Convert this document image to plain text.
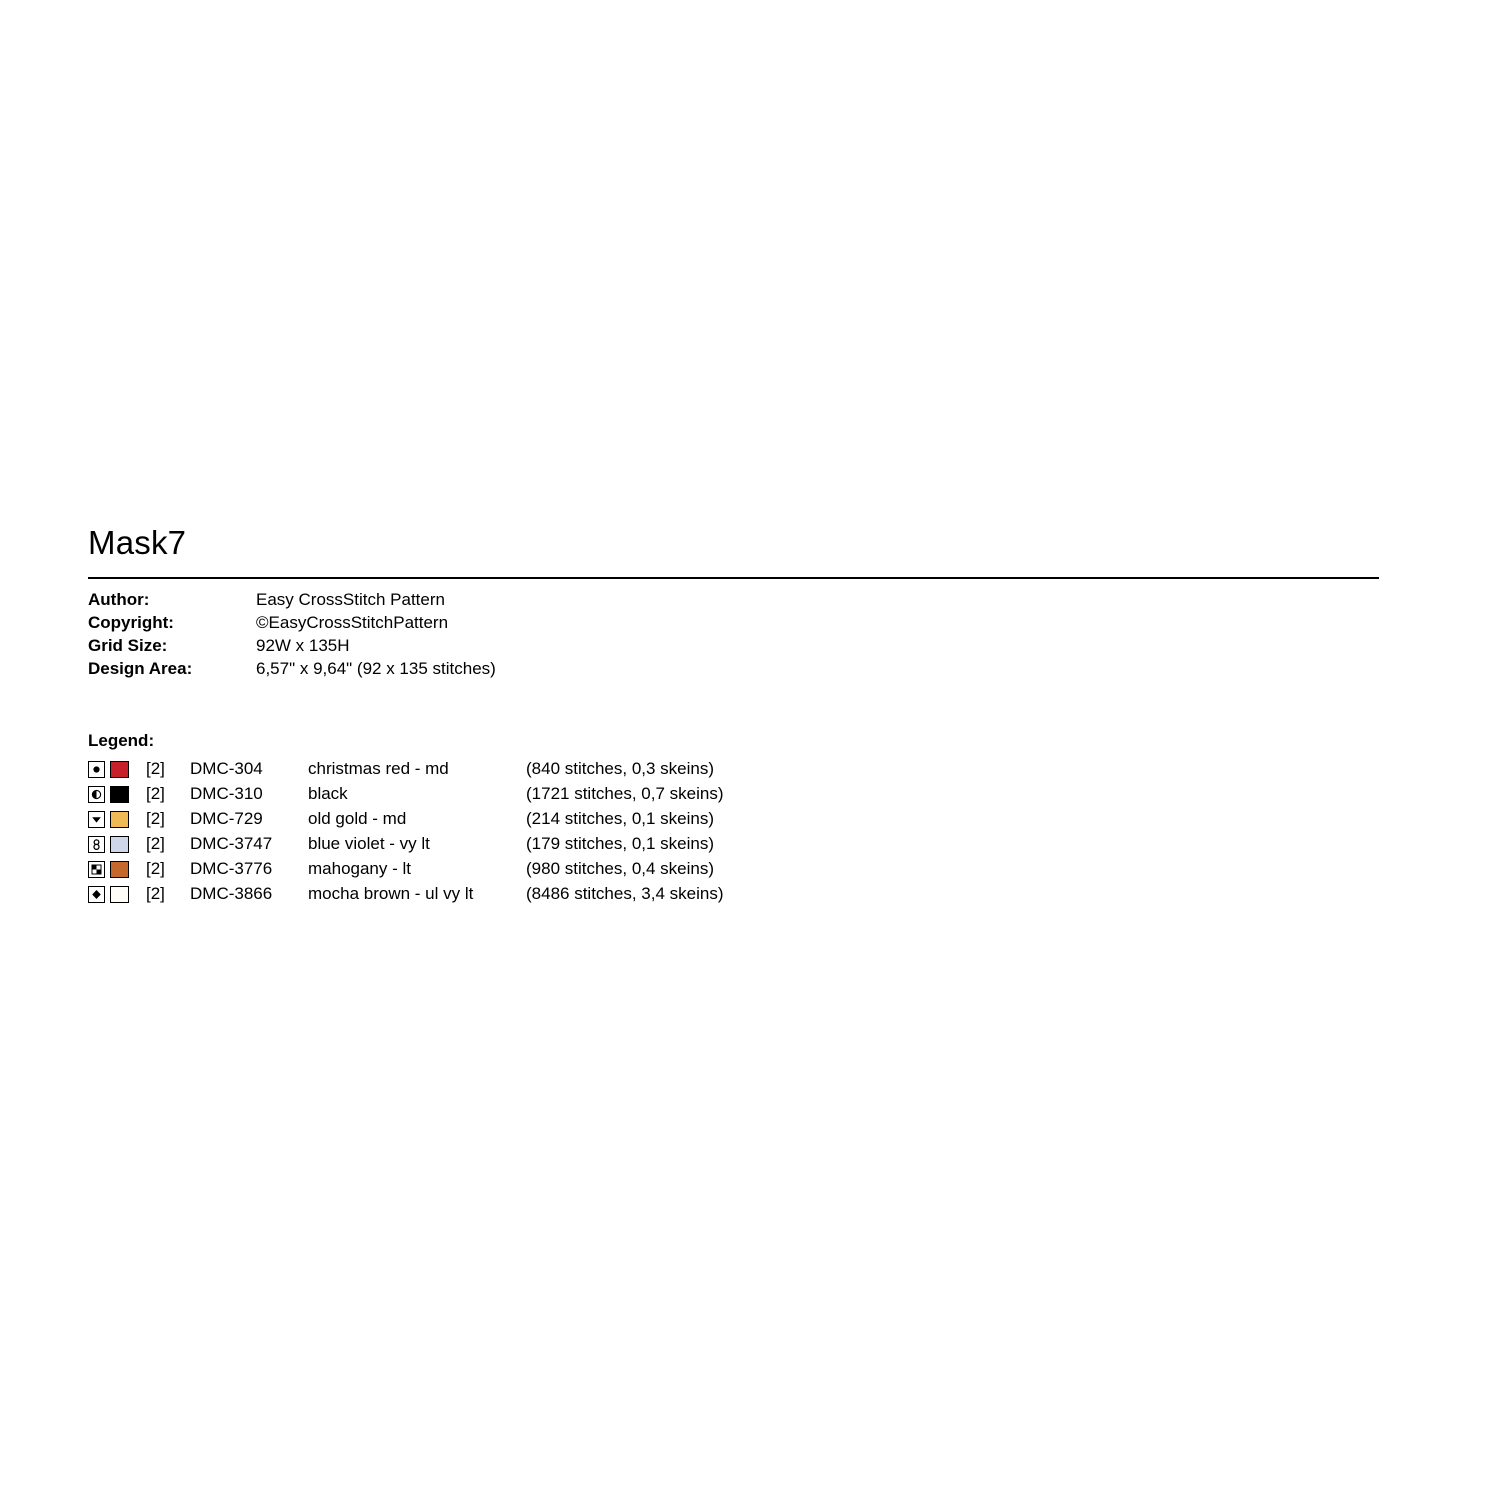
Mask7
Author:	Easy CrossStitch Pattern
Copyright:	©EasyCrossStitchPattern
Grid Size:	92W x 135H
Design Area:	6,57" x 9,64" (92 x 135 stitches)
Legend:
		[2]	DMC-304	christmas red - md	(840 stitches, 0,3 skeins)

		[2]	DMC-310	black	(1721 stitches, 0,7 skeins)

		[2]	DMC-729	old gold - md	(214 stitches, 0,1 skeins)

		[2]	DMC-3747	blue violet - vy lt	(179 stitches, 0,1 skeins)

		[2]	DMC-3776	mahogany - lt	(980 stitches, 0,4 skeins)

		[2]	DMC-3866	mocha brown - ul vy lt	(8486 stitches, 3,4 skeins)
